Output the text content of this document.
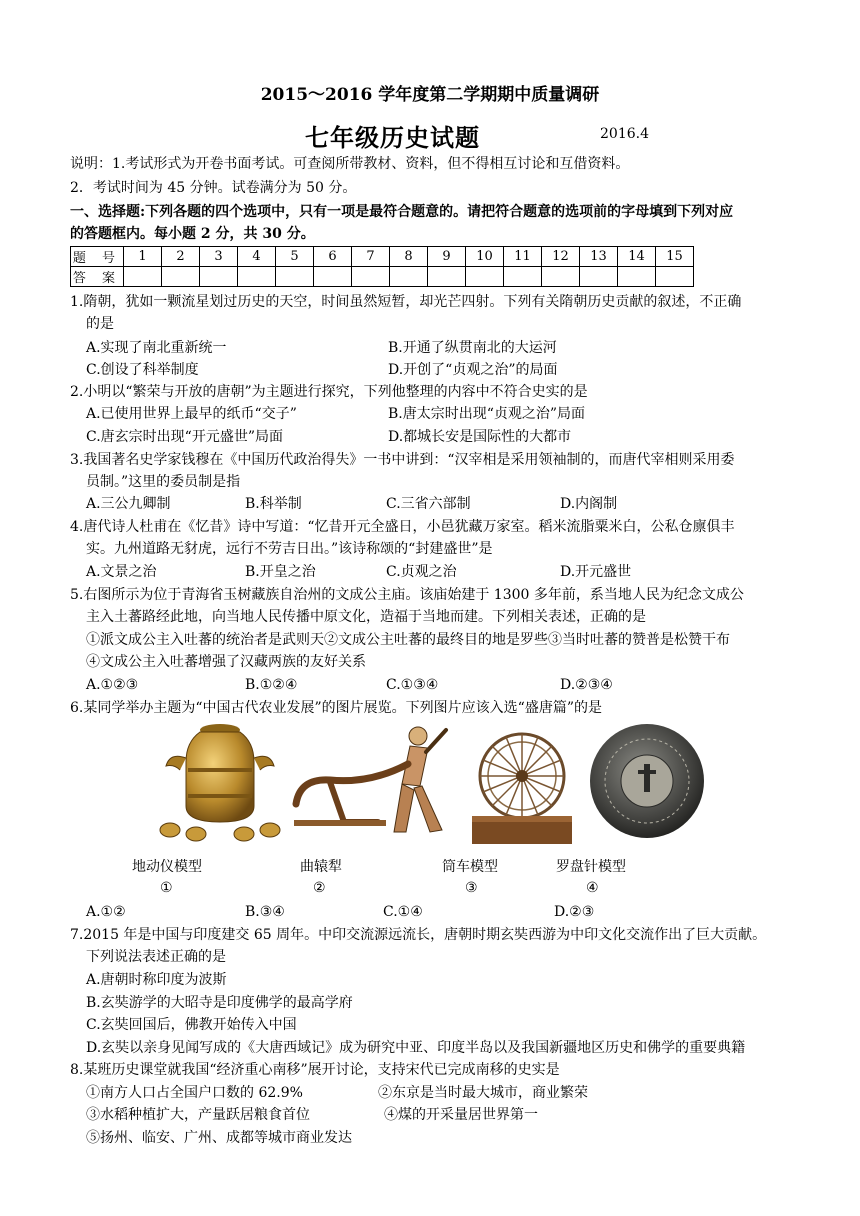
2015～2016 学年度第二学期期中质量调研
七年级历史试题	2016.4
说明：1.考试形式为开卷书面考试。可查阅所带教材、资料，但不得相互讨论和互借资料。
2．考试时间为 45 分钟。试卷满分为 50 分。
一、选择题:下列各题的四个选项中，只有一项是最符合题意的。请把符合题意的选项前的字母填到下列对应
的答题框内。每小题 2 分，共 30 分。
题 号	1	2	3	4	5	6	7	8	9	10	11	12	13	14	15
答 案															
1.隋朝，犹如一颗流星划过历史的天空，时间虽然短暂，却光芒四射。下列有关隋朝历史贡献的叙述，不正确
的是
A.实现了南北重新统一	B.开通了纵贯南北的大运河
C.创设了科举制度	D.开创了“贞观之治”的局面
2.小明以“繁荣与开放的唐朝”为主题进行探究，下列他整理的内容中不符合史实的是
A.已使用世界上最早的纸币“交子”	B.唐太宗时出现“贞观之治”局面
C.唐玄宗时出现“开元盛世”局面	D.都城长安是国际性的大都市
3.我国著名史学家钱穆在《中国历代政治得失》一书中讲到：“汉宰相是采用领袖制的，而唐代宰相则采用委
员制。”这里的委员制是指
A.三公九卿制	B.科举制	C.三省六部制	D.内阁制
4.唐代诗人杜甫在《忆昔》诗中写道：“忆昔开元全盛日，小邑犹藏万家室。稻米流脂粟米白，公私仓廪俱丰
实。九州道路无豺虎，远行不劳吉日出。”该诗称颂的“封建盛世”是
A.文景之治	B.开皇之治	C.贞观之治	D.开元盛世
5.右图所示为位于青海省玉树藏族自治州的文成公主庙。该庙始建于 1300 多年前，系当地人民为纪念文成公
主入土蕃路经此地，向当地人民传播中原文化，造福于当地而建。下列相关表述，正确的是
①派文成公主入吐蕃的统治者是武则天②文成公主吐蕃的最终目的地是罗些③当时吐蕃的赞普是松赞干布
④文成公主入吐蕃增强了汉藏两族的友好关系
A.①②③	B.①②④	C.①③④	D.②③④
6.某同学举办主题为“中国古代农业发展”的图片展览。下列图片应该入选“盛唐篇”的是
地动仪模型	曲辕犁	筒车模型	罗盘针模型
①	②	③	④
A.①②	B.③④	C.①④	D.②③
7.2015 年是中国与印度建交 65 周年。中印交流源远流长，唐朝时期玄奘西游为中印文化交流作出了巨大贡献。
下列说法表述正确的是
A.唐朝时称印度为波斯
B.玄奘游学的大昭寺是印度佛学的最高学府
C.玄奘回国后，佛教开始传入中国
D.玄奘以亲身见闻写成的《大唐西域记》成为研究中亚、印度半岛以及我国新疆地区历史和佛学的重要典籍
8.某班历史课堂就我国“经济重心南移”展开讨论，支持宋代已完成南移的史实是
①南方人口占全国户口数的 62.9%	②东京是当时最大城市，商业繁荣
③水稻种植扩大，产量跃居粮食首位	④煤的开采量居世界第一
⑤扬州、临安、广州、成都等城市商业发达
